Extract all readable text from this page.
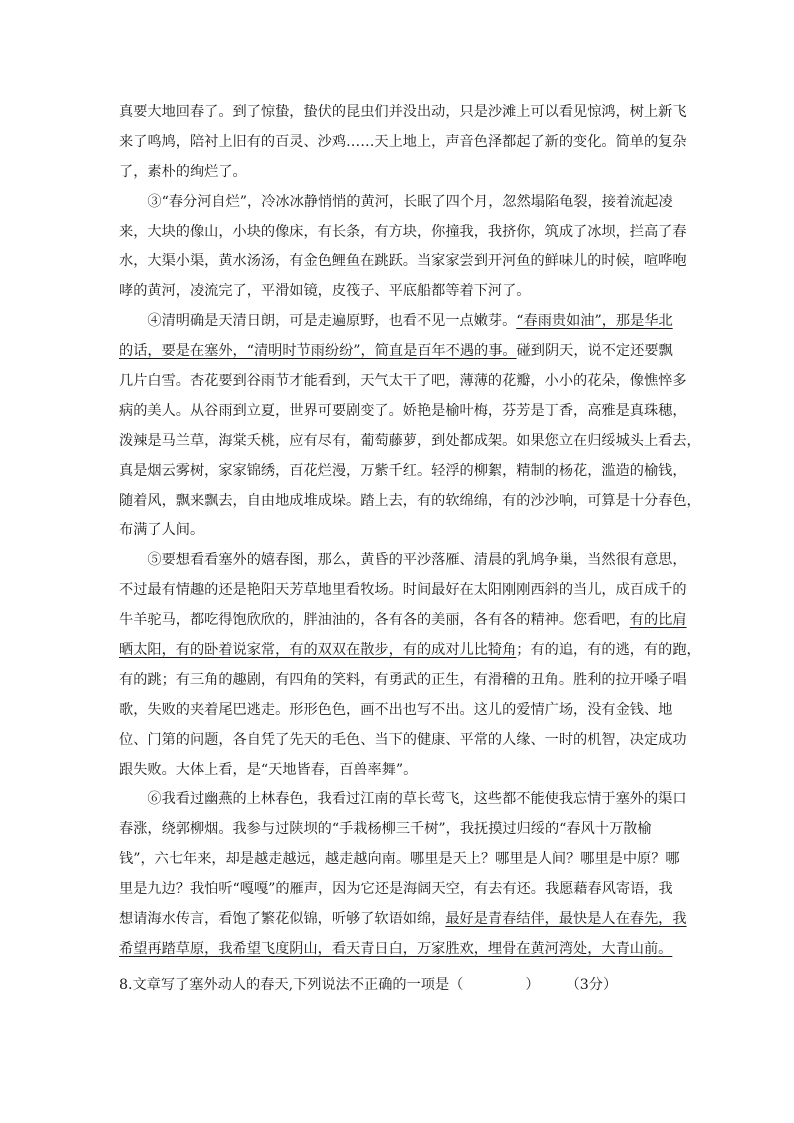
真要大地回春了。到了惊蛰，蛰伏的昆虫们并没出动，只是沙滩上可以看见惊鸿，树上新飞
来了鸣鸠，陪衬上旧有的百灵、沙鸡……天上地上，声音色泽都起了新的变化。简单的复杂
了，素朴的绚烂了。
　　③“春分河自烂”，冷冰冰静悄悄的黄河，长眠了四个月，忽然塌陷龟裂，接着流起凌
来，大块的像山，小块的像床，有长条，有方块，你撞我，我挤你，筑成了冰坝，拦高了春
水，大渠小渠，黄水汤汤，有金色鲤鱼在跳跃。当家家尝到开河鱼的鲜味儿的时候，喧哗咆
哮的黄河，凌流完了，平滑如镜，皮筏子、平底船都等着下河了。
　　④清明确是天清日朗，可是走遍原野，也看不见一点嫩芽。“春雨贵如油”，那是华北
的话，要是在塞外，“清明时节雨纷纷”，简直是百年不遇的事。碰到阴天，说不定还要飘
几片白雪。杏花要到谷雨节才能看到，天气太干了吧，薄薄的花瓣，小小的花朵，像憔悴多
病的美人。从谷雨到立夏，世界可要剧变了。娇艳是榆叶梅，芬芳是丁香，高雅是真珠穗，
泼辣是马兰草，海棠夭桃，应有尽有，葡萄藤萝，到处都成架。如果您立在归绥城头上看去，
真是烟云雾树，家家锦绣，百花烂漫，万紫千红。轻浮的柳絮，精制的杨花，滥造的榆钱，
随着风，飘来飘去，自由地成堆成垛。踏上去，有的软绵绵，有的沙沙响，可算是十分春色，
布满了人间。
　　⑤要想看看塞外的嬉春图，那么，黄昏的平沙落雁、清晨的乳鸠争巢，当然很有意思，
不过最有情趣的还是艳阳天芳草地里看牧场。时间最好在太阳刚刚西斜的当儿，成百成千的
牛羊驼马，都吃得饱欣欣的，胖油油的，各有各的美丽，各有各的精神。您看吧，有的比肩
晒太阳，有的卧着说家常，有的双双在散步，有的成对儿比犄角；有的追，有的逃，有的跑，
有的跳；有三角的趣剧，有四角的笑料，有勇武的正生，有滑稽的丑角。胜利的拉开嗓子唱
歌，失败的夹着尾巴逃走。形形色色，画不出也写不出。这儿的爱情广场，没有金钱、地
位、门第的问题，各自凭了先天的毛色、当下的健康、平常的人缘、一时的机智，决定成功
跟失败。大体上看，是“天地皆春，百兽率舞”。
　　⑥我看过幽燕的上林春色，我看过江南的草长莺飞，这些都不能使我忘情于塞外的渠口
春涨，绕郭柳烟。我参与过陕坝的“手栽杨柳三千树”，我抚摸过归绥的“春风十万散榆
钱”，六七年来，却是越走越远，越走越向南。哪里是天上？哪里是人间？哪里是中原？哪
里是九边？我怕听“嘎嘎”的雁声，因为它还是海阔天空，有去有还。我愿藉春风寄语，我
想请海水传言，看饱了繁花似锦，听够了软语如绵，最好是青春结伴，最快是人在春先，我
希望再踏草原，我希望飞度阴山，看天青日白，万家胜欢，埋骨在黄河湾处，大青山前。
8.文章写了塞外动人的春天,下列说法不正确的一项是（	） （3分）
